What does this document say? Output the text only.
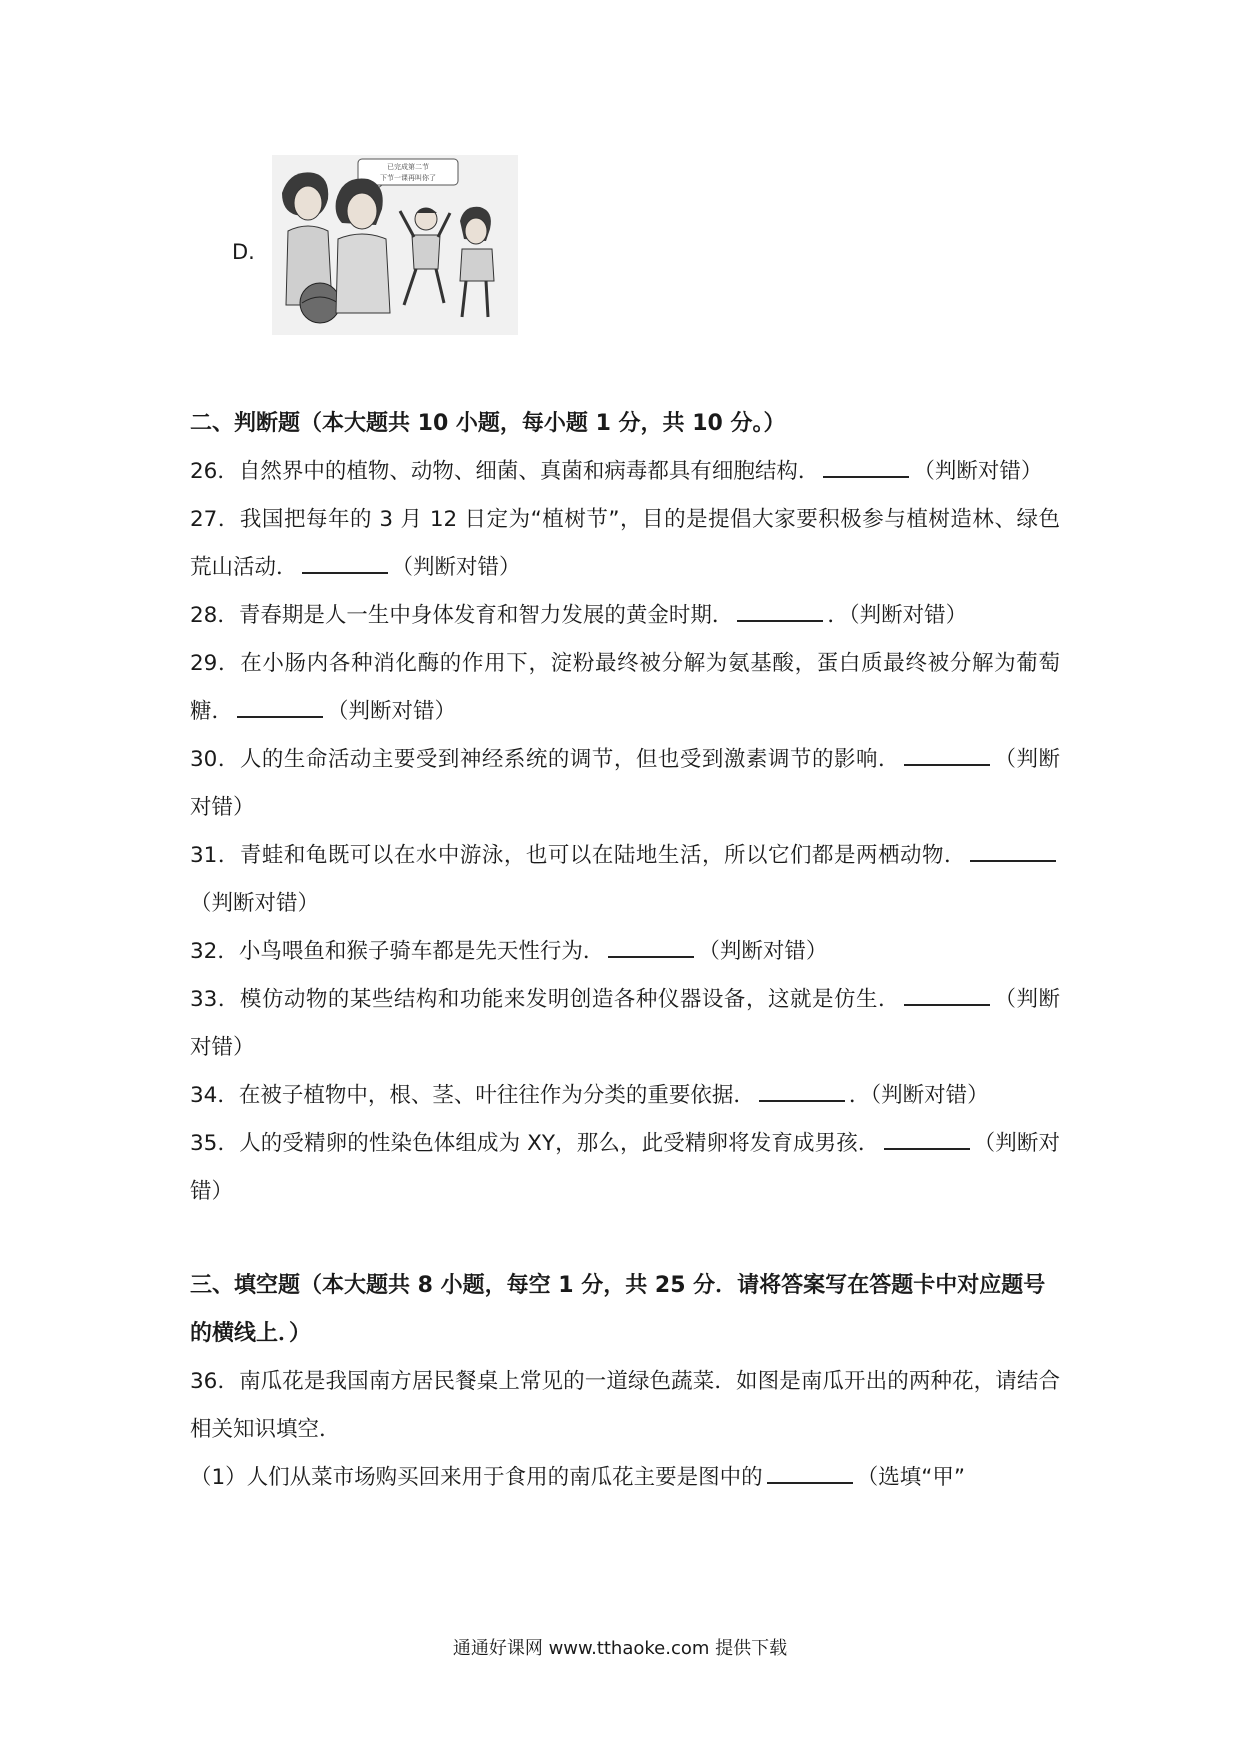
D.
已完成第二节
下节一课再叫你了

二、判断题（本大题共 10 小题，每小题 1 分，共 10 分。）

26．自然界中的植物、动物、细菌、真菌和病毒都具有细胞结构．	（判断对错）

27．我国把每年的 3 月 12 日定为“植树节”，目的是提倡大家要积极参与植树造林、绿色荒山活动．	（判断对错）

28．青春期是人一生中身体发育和智力发展的黄金时期．	．（判断对错）

29．在小肠内各种消化酶的作用下，淀粉最终被分解为氨基酸，蛋白质最终被分解为葡萄糖．	（判断对错）

30．人的生命活动主要受到神经系统的调节，但也受到激素调节的影响．	（判断对错）

31．青蛙和龟既可以在水中游泳，也可以在陆地生活，所以它们都是两栖动物．（判断对错）

32．小鸟喂鱼和猴子骑车都是先天性行为．	（判断对错）

33．模仿动物的某些结构和功能来发明创造各种仪器设备，这就是仿生．	（判断对错）

34．在被子植物中，根、茎、叶往往作为分类的重要依据．	．（判断对错）

35．人的受精卵的性染色体组成为 XY，那么，此受精卵将发育成男孩．	（判断对错）

三、填空题（本大题共 8 小题，每空 1 分，共 25 分．请将答案写在答题卡中对应题号的横线上．）

36．南瓜花是我国南方居民餐桌上常见的一道绿色蔬菜．如图是南瓜开出的两种花，请结合相关知识填空．

（1）人们从菜市场购买回来用于食用的南瓜花主要是图中的	（选填“甲”

通通好课网 www.tthaoke.com 提供下载
